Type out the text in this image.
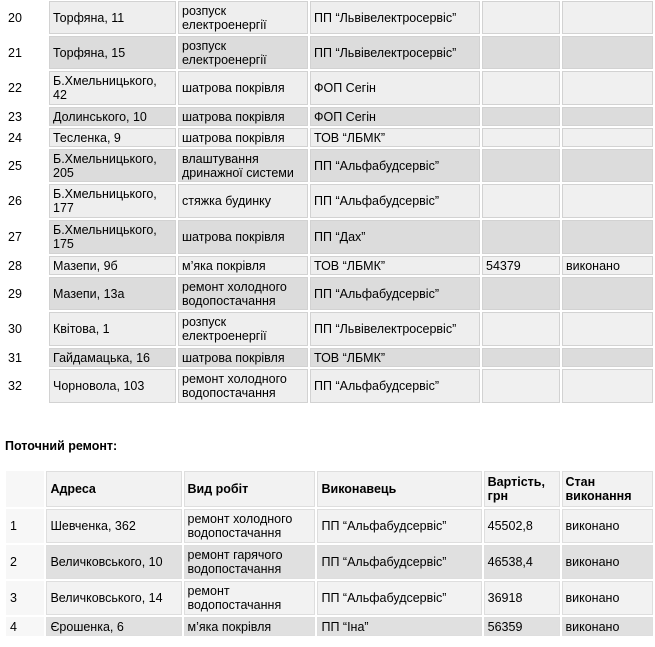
20	Торфяна, 11	розпуск електроенергії	ПП “Львівелектросервіс”		
21	Торфяна, 15	розпуск електроенергії	ПП “Львівелектросервіс”		
22	Б.Хмельницького, 42	шатрова покрівля	ФОП Сегін		
23	Долинського, 10	шатрова покрівля	ФОП Сегін		
24	Тесленка, 9	шатрова покрівля	ТОВ “ЛБМК”		
25	Б.Хмельницького, 205	влаштування дринажної системи	ПП “Альфабудсервіс”		
26	Б.Хмельницького, 177	стяжка будинку	ПП “Альфабудсервіс”		
27	Б.Хмельницького, 175	шатрова покрівля	ПП “Дах”		
28	Мазепи, 9б	м’яка покрівля	ТОВ “ЛБМК”	54379	виконано
29	Мазепи, 13а	ремонт холодного водопостачання	ПП “Альфабудсервіс”		
30	Квітова, 1	розпуск електроенергії	ПП “Львівелектросервіс”		
31	Гайдамацька, 16	шатрова покрівля	ТОВ “ЛБМК”		
32	Чорновола, 103	ремонт холодного водопостачання	ПП “Альфабудсервіс”		
Поточний ремонт:
	Адреса	Вид робіт	Виконавець	Вартість, грн	Стан виконання
1	Шевченка, 362	ремонт холодного водопостачання	ПП “Альфабудсервіс”	45502,8	виконано
2	Величковського, 10	ремонт гарячого водопостачання	ПП “Альфабудсервіс”	46538,4	виконано
3	Величковського, 14	ремонт водопостачання	ПП “Альфабудсервіс”	36918	виконано
4	Єрошенка, 6	м’яка покрівля	ПП “Іна”	56359	виконано
